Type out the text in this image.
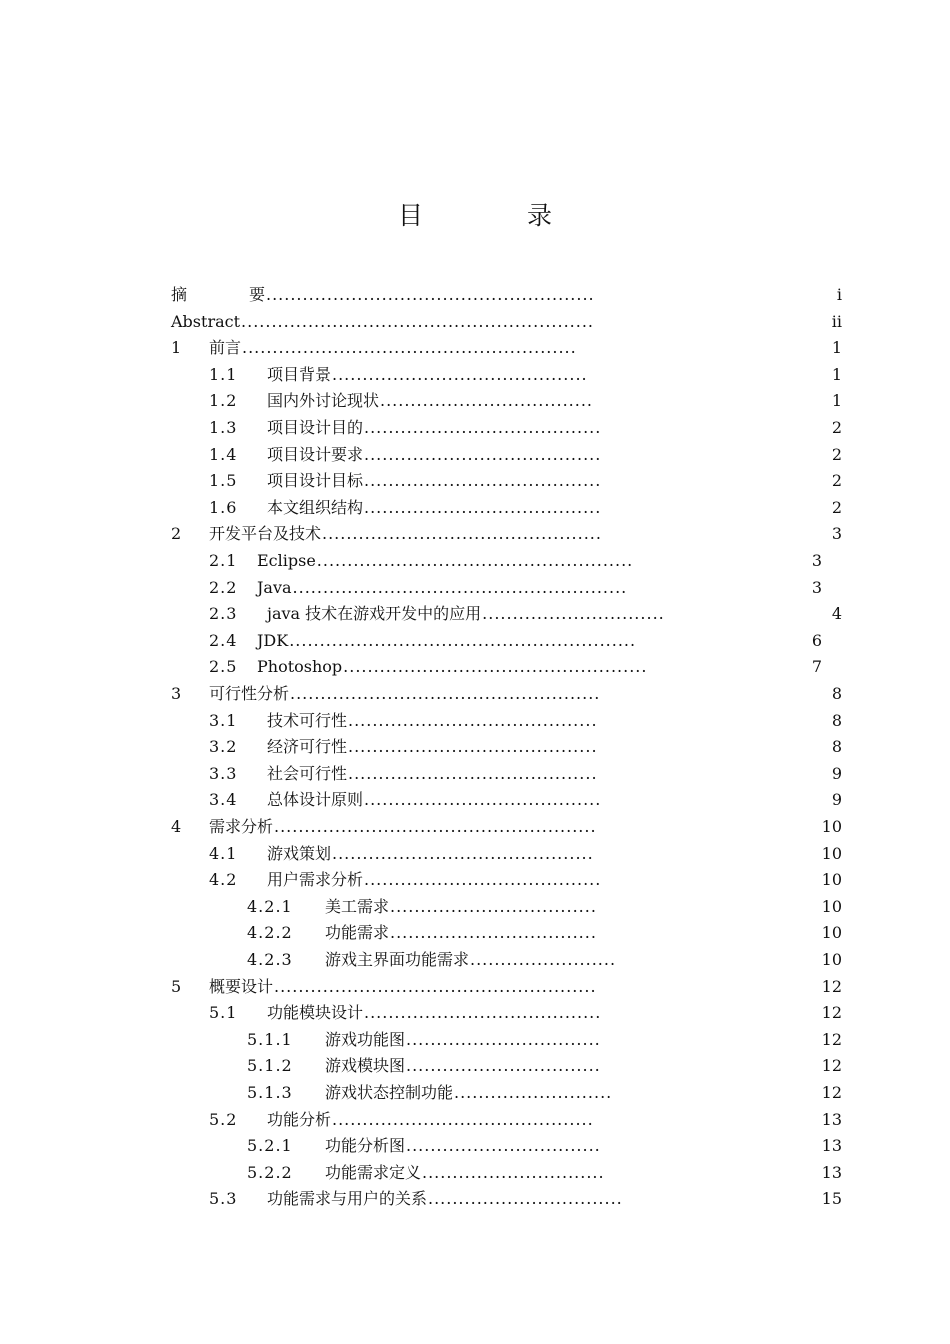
目 录
摘	要 ......................................................	i
Abstract ..........................................................	ii
1 前言 .......................................................	1
1.1 项目背景 ..........................................	1
1.2 国内外讨论现状 ...................................	1
1.3 项目设计目的 .......................................	2
1.4 项目设计要求 .......................................	2
1.5 项目设计目标 .......................................	2
1.6 本文组织结构 .......................................	2
2 开发平台及技术 ..............................................	3
2.1 Eclipse ....................................................	3
2.2 Java .......................................................	3
2.3 java 技术在游戏开发中的应用 ..............................	4
2.4 JDK .........................................................	6
2.5 Photoshop ..................................................	7
3 可行性分析 ...................................................	8
3.1 技术可行性 .........................................	8
3.2 经济可行性 .........................................	8
3.3 社会可行性 .........................................	9
3.4 总体设计原则 .......................................	9
4 需求分析 .....................................................	10
4.1 游戏策划 ...........................................	10
4.2 用户需求分析 .......................................	10
4.2.1 美工需求 ..................................	10
4.2.2 功能需求 ..................................	10
4.2.3 游戏主界面功能需求 ........................	10
5 概要设计 .....................................................	12
5.1 功能模块设计 .......................................	12
5.1.1 游戏功能图 ................................	12
5.1.2 游戏模块图 ................................	12
5.1.3 游戏状态控制功能 ..........................	12
5.2 功能分析 ...........................................	13
5.2.1 功能分析图 ................................	13
5.2.2 功能需求定义 ..............................	13
5.3 功能需求与用户的关系 ................................	15
